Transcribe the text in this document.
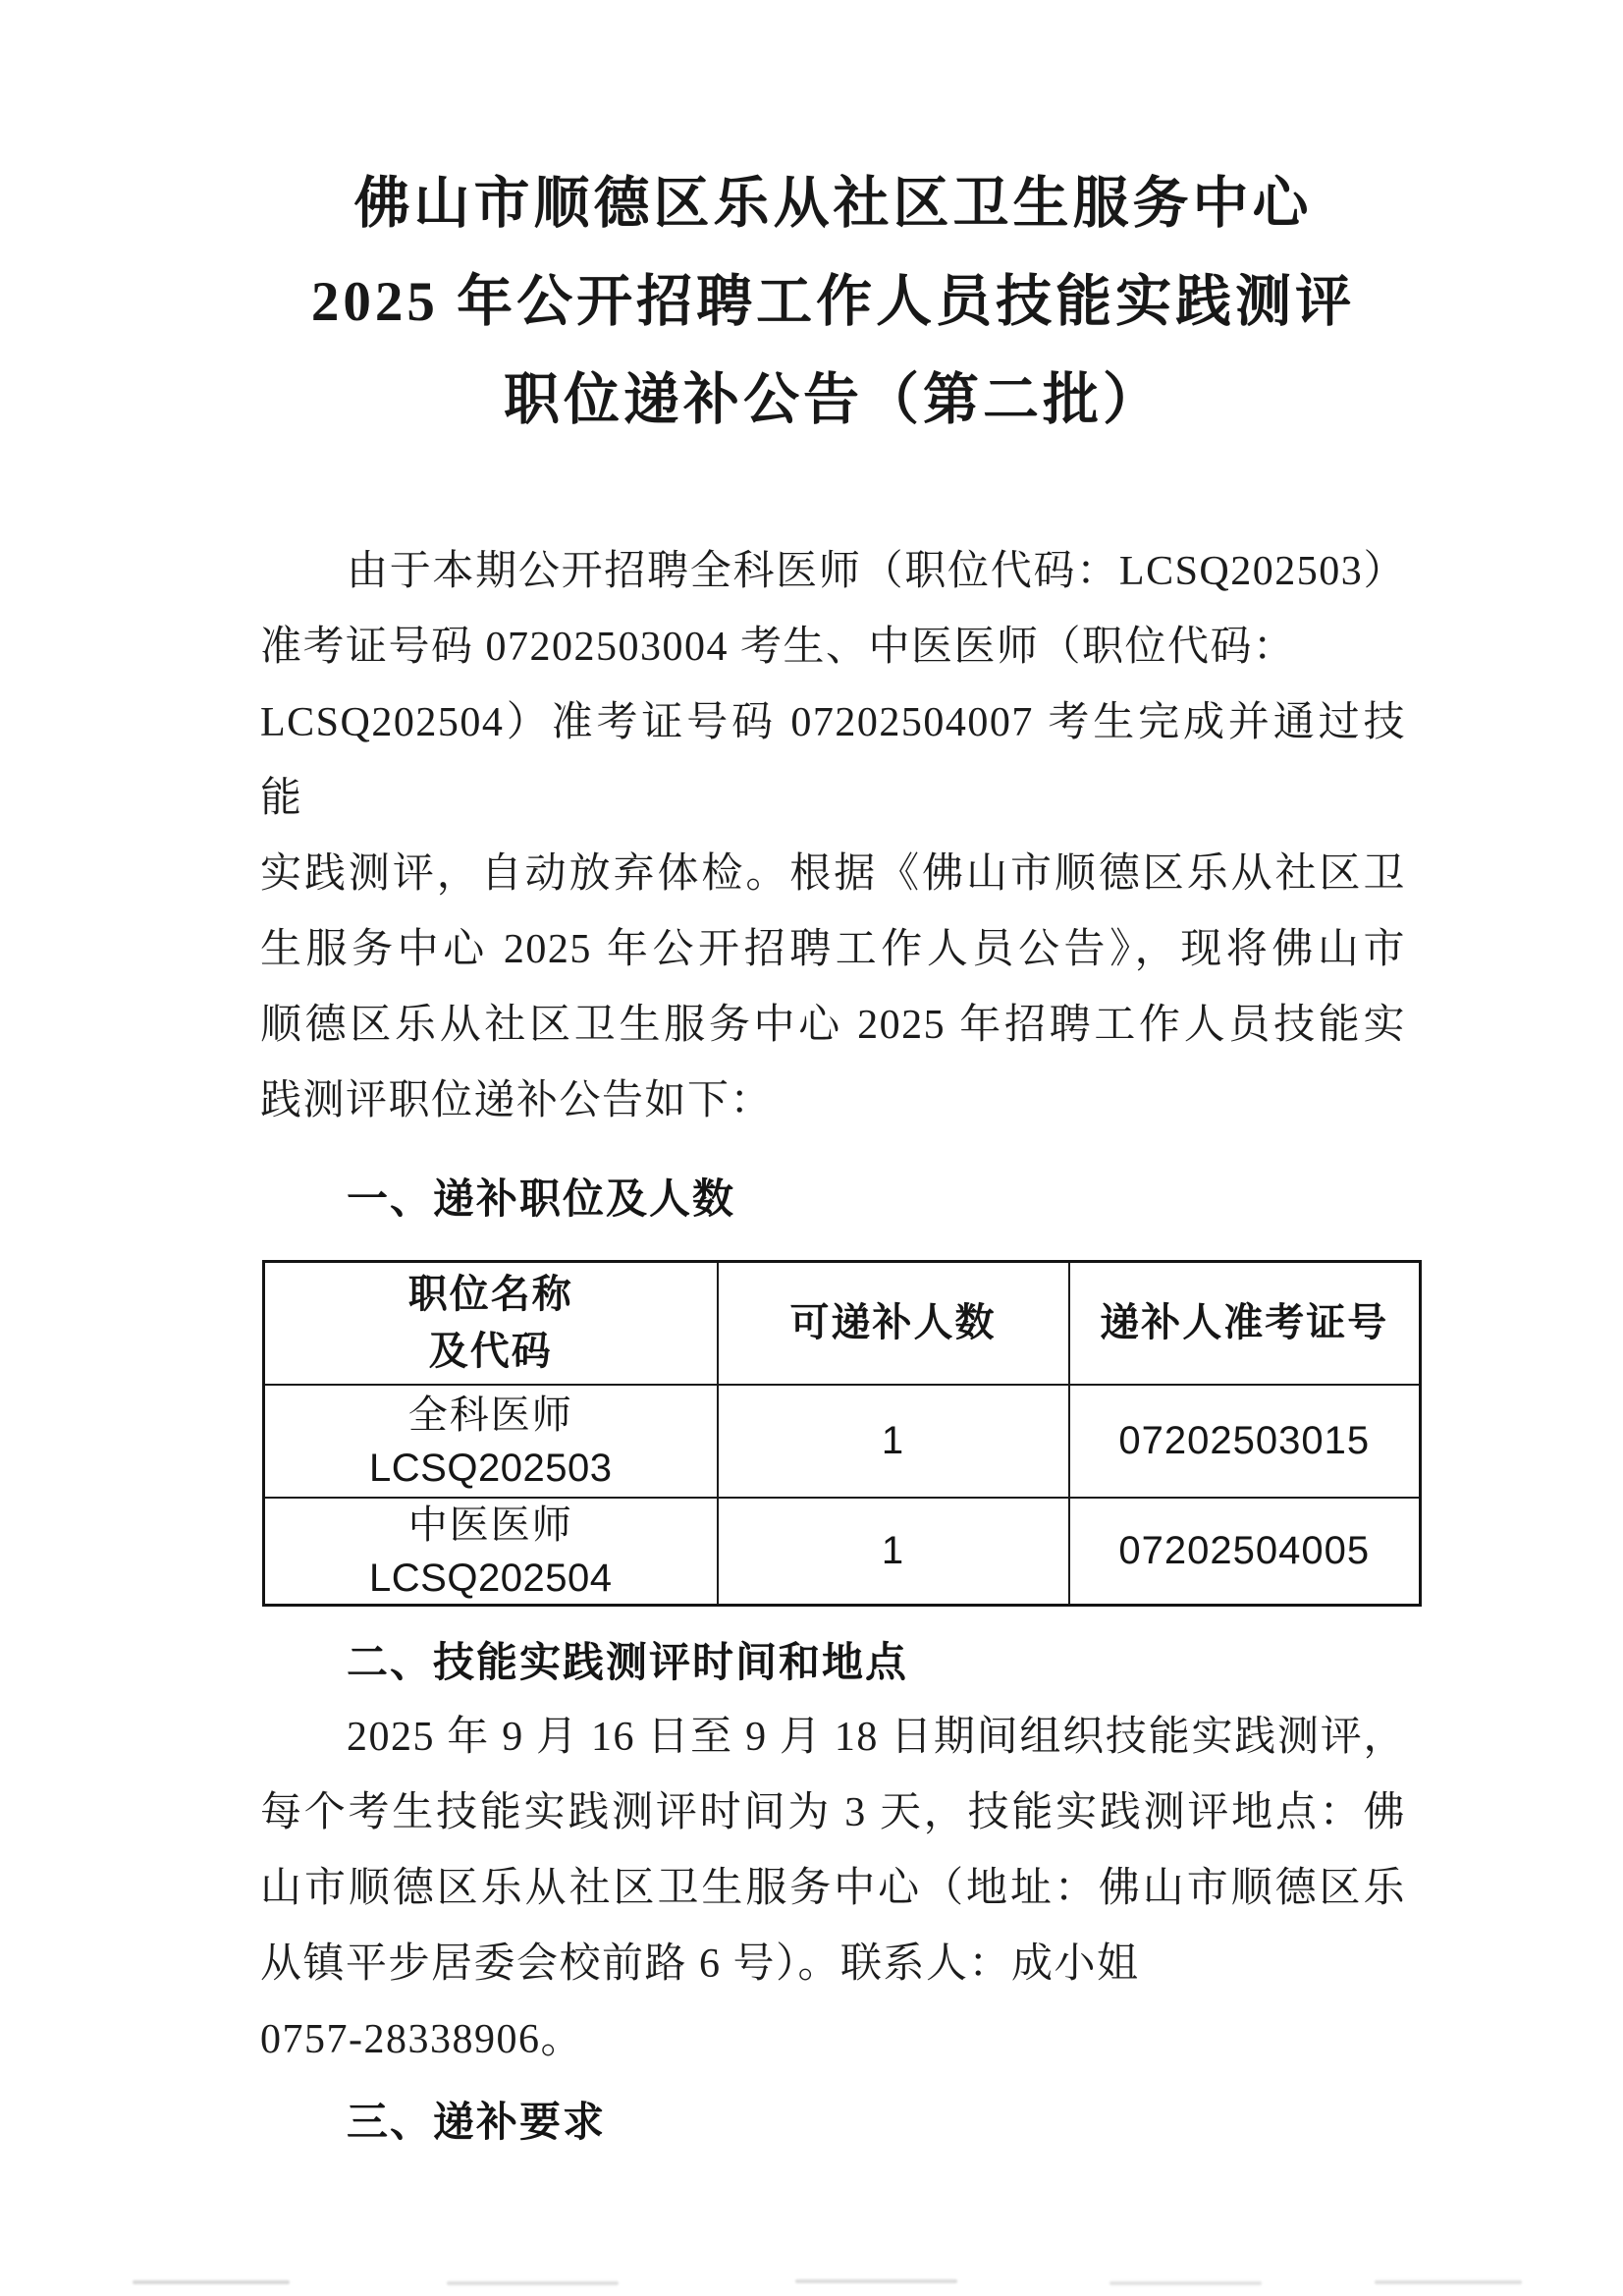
佛山市顺德区乐从社区卫生服务中心
2025 年公开招聘工作人员技能实践测评
职位递补公告（第二批）
由于本期公开招聘全科医师（职位代码：LCSQ202503）
准考证号码 07202503004 考生、中医医师（职位代码：
LCSQ202504）准考证号码 07202504007 考生完成并通过技能
实践测评，自动放弃体检。根据《佛山市顺德区乐从社区卫
生服务中心 2025 年公开招聘工作人员公告》，现将佛山市
顺德区乐从社区卫生服务中心 2025 年招聘工作人员技能实
践测评职位递补公告如下：
一、递补职位及人数
职位名称
及代码	可递补人数	递补人准考证号

全科医师
LCSQ202503	1	07202503015

中医医师
LCSQ202504	1	07202504005
二、技能实践测评时间和地点
2025 年 9 月 16 日至 9 月 18 日期间组织技能实践测评，
每个考生技能实践测评时间为 3 天，技能实践测评地点：佛
山市顺德区乐从社区卫生服务中心（地址：佛山市顺德区乐
从镇平步居委会校前路 6 号）。联系人：成小姐
0757-28338906。
三、递补要求
